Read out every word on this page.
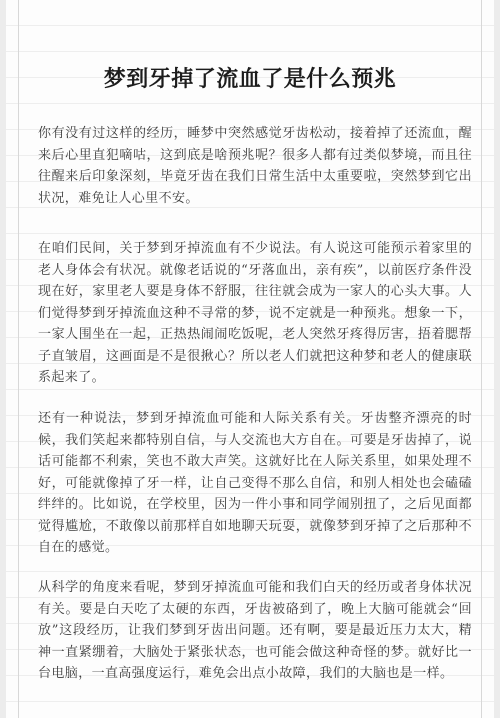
梦到牙掉了流血了是什么预兆

你有没有过这样的经历，睡梦中突然感觉牙齿松动，接着掉了还流血，醒来后心里直犯嘀咕，这到底是啥预兆呢？很多人都有过类似梦境，而且往往醒来后印象深刻，毕竟牙齿在我们日常生活中太重要啦，突然梦到它出状况，难免让人心里不安。

在咱们民间，关于梦到牙掉流血有不少说法。有人说这可能预示着家里的老人身体会有状况。就像老话说的“牙落血出，亲有疾”，以前医疗条件没现在好，家里老人要是身体不舒服，往往就会成为一家人的心头大事。人们觉得梦到牙掉流血这种不寻常的梦，说不定就是一种预兆。想象一下，一家人围坐在一起，正热热闹闹吃饭呢，老人突然牙疼得厉害，捂着腮帮子直皱眉，这画面是不是很揪心？所以老人们就把这种梦和老人的健康联系起来了。

还有一种说法，梦到牙掉流血可能和人际关系有关。牙齿整齐漂亮的时候，我们笑起来都特别自信，与人交流也大方自在。可要是牙齿掉了，说话可能都不利索，笑也不敢大声笑。这就好比在人际关系里，如果处理不好，可能就像掉了牙一样，让自己变得不那么自信，和别人相处也会磕磕绊绊的。比如说，在学校里，因为一件小事和同学闹别扭了，之后见面都觉得尴尬，不敢像以前那样自如地聊天玩耍，就像梦到牙掉了之后那种不自在的感觉。

从科学的角度来看呢，梦到牙掉流血可能和我们白天的经历或者身体状况有关。要是白天吃了太硬的东西，牙齿被硌到了，晚上大脑可能就会“回放”这段经历，让我们梦到牙齿出问题。还有啊，要是最近压力太大，精神一直紧绷着，大脑处于紧张状态，也可能会做这种奇怪的梦。就好比一台电脑，一直高强度运行，难免会出点小故障，我们的大脑也是一样。
